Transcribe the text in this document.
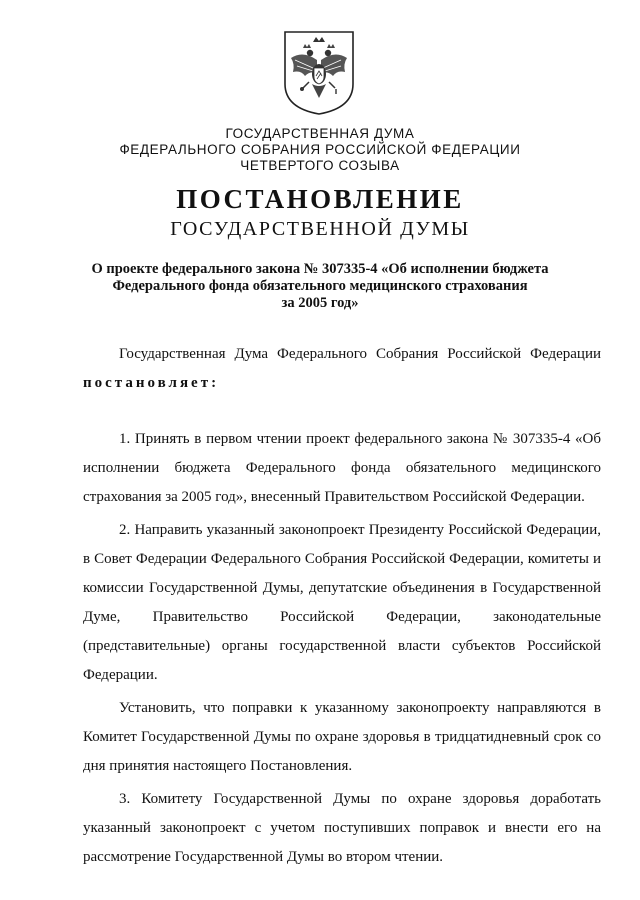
ГОСУДАРСТВЕННАЯ ДУМА
ФЕДЕРАЛЬНОГО СОБРАНИЯ РОССИЙСКОЙ ФЕДЕРАЦИИ
ЧЕТВЕРТОГО СОЗЫВА
ПОСТАНОВЛЕНИЕ
ГОСУДАРСТВЕННОЙ ДУМЫ
О проекте федерального закона № 307335-4 «Об исполнении бюджета
Федерального фонда обязательного медицинского страхования
за 2005 год»

Государственная Дума Федерального Собрания Российской Федерации постановляет:

1. Принять в первом чтении проект федерального закона № 307335-4 «Об исполнении бюджета Федерального фонда обязательного медицинского страхования за 2005 год», внесенный Правительством Российской Федерации.

2. Направить указанный законопроект Президенту Российской Федерации, в Совет Федерации Федерального Собрания Российской Федерации, комитеты и комиссии Государственной Думы, депутатские объединения в Государственной Думе, Правительство Российской Федерации, законодательные (представительные) органы государственной власти субъектов Российской Федерации.

Установить, что поправки к указанному законопроекту направляются в Комитет Государственной Думы по охране здоровья в тридцатидневный срок со дня принятия настоящего Постановления.

3. Комитету Государственной Думы по охране здоровья доработать указанный законопроект с учетом поступивших поправок и внести его на рассмотрение Государственной Думы во втором чтении.
